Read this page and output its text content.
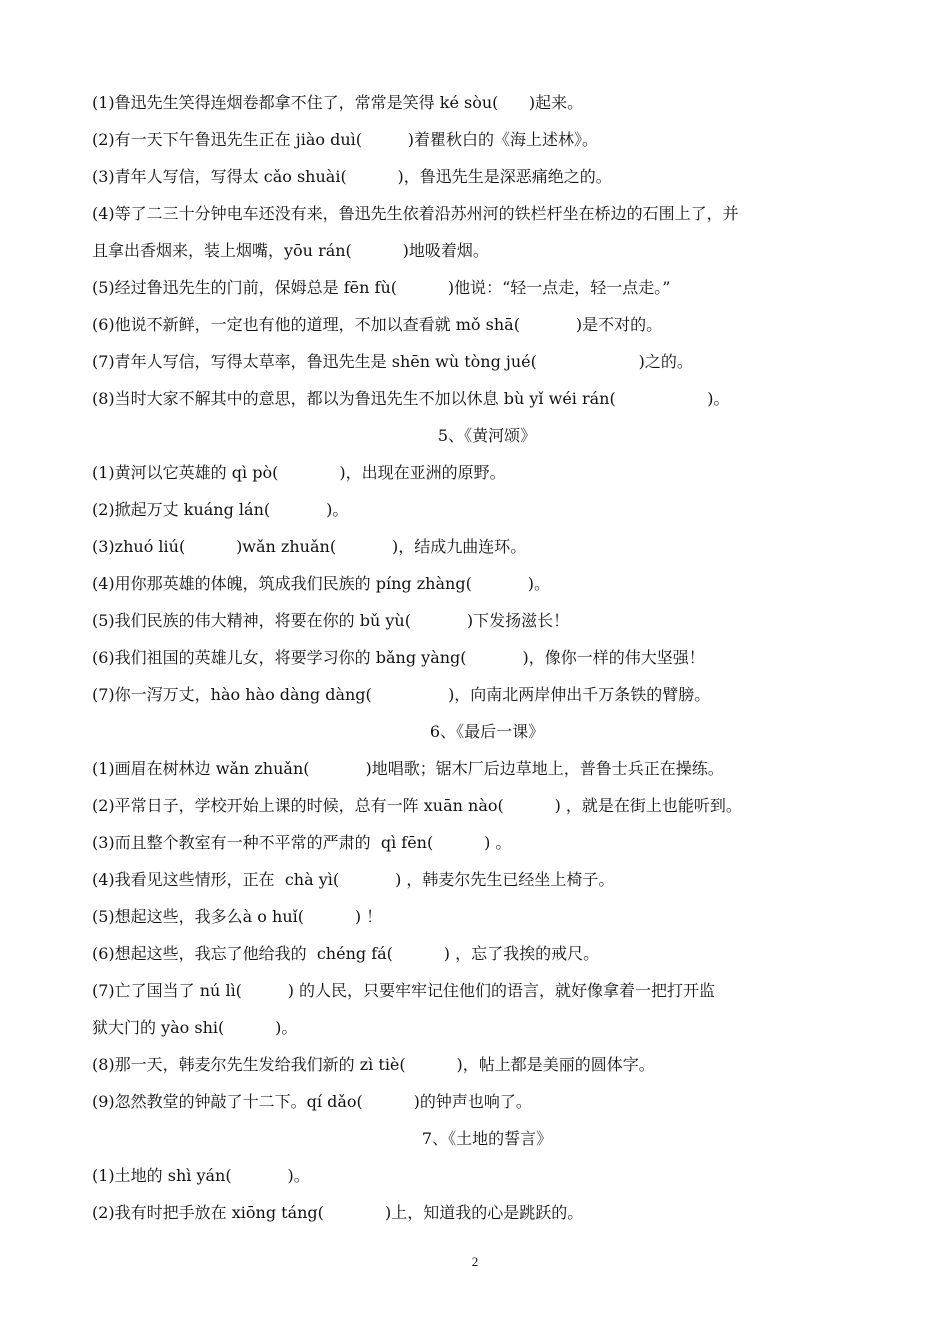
(1)鲁迅先生笑得连烟卷都拿不住了，常常是笑得 ké sòu(      )起来。
(2)有一天下午鲁迅先生正在 jiào duì(         )着瞿秋白的《海上述林》。
(3)青年人写信，写得太 cǎo shuài(          )，鲁迅先生是深恶痛绝之的。
(4)等了二三十分钟电车还没有来，鲁迅先生依着沿苏州河的铁栏杆坐在桥边的石围上了，并
且拿出香烟来，装上烟嘴，yōu rán(          )地吸着烟。
(5)经过鲁迅先生的门前，保姆总是 fēn fù(          )他说：“轻一点走，轻一点走。”
(6)他说不新鲜，一定也有他的道理，不加以查看就 mǒ shā(           )是不对的。
(7)青年人写信，写得太草率，鲁迅先生是 shēn wù tòng jué(                    )之的。
(8)当时大家不解其中的意思，都以为鲁迅先生不加以休息 bù yǐ wéi rán(                  )。
5、《黄河颂》
(1)黄河以它英雄的 qì pò(            )，出现在亚洲的原野。
(2)掀起万丈 kuáng lán(           )。
(3)zhuó liú(          )wǎn zhuǎn(           )，结成九曲连环。
(4)用你那英雄的体魄，筑成我们民族的 píng zhàng(           )。
(5)我们民族的伟大精神，将要在你的 bǔ yù(           )下发扬滋长！
(6)我们祖国的英雄儿女，将要学习你的 bǎng yàng(           )，像你一样的伟大坚强！
(7)你一泻万丈，hào hào dàng dàng(               )，向南北两岸伸出千万条铁的臂膀。
6、《最后一课》
(1)画眉在树林边 wǎn zhuǎn(           )地唱歌；锯木厂后边草地上，普鲁士兵正在操练。
(2)平常日子，学校开始上课的时候，总有一阵 xuān nào(          ) ，就是在街上也能听到。
(3)而且整个教室有一种不平常的严肃的  qì fēn(          ) 。
(4)我看见这些情形，正在  chà yì(           ) ，韩麦尔先生已经坐上椅子。
(5)想起这些，我多么à o huǐ(          ) ！
(6)想起这些，我忘了他给我的  chéng fá(          ) ，忘了我挨的戒尺。
(7)亡了国当了 nú lì(         ) 的人民，只要牢牢记住他们的语言，就好像拿着一把打开监
狱大门的 yào shi(          )。
(8)那一天，韩麦尔先生发给我们新的 zì tiè(          )，帖上都是美丽的圆体字。
(9)忽然教堂的钟敲了十二下。qí dǎo(          )的钟声也响了。
7、《土地的誓言》
(1)土地的 shì yán(           )。
(2)我有时把手放在 xiōng táng(            )上，知道我的心是跳跃的。
2
